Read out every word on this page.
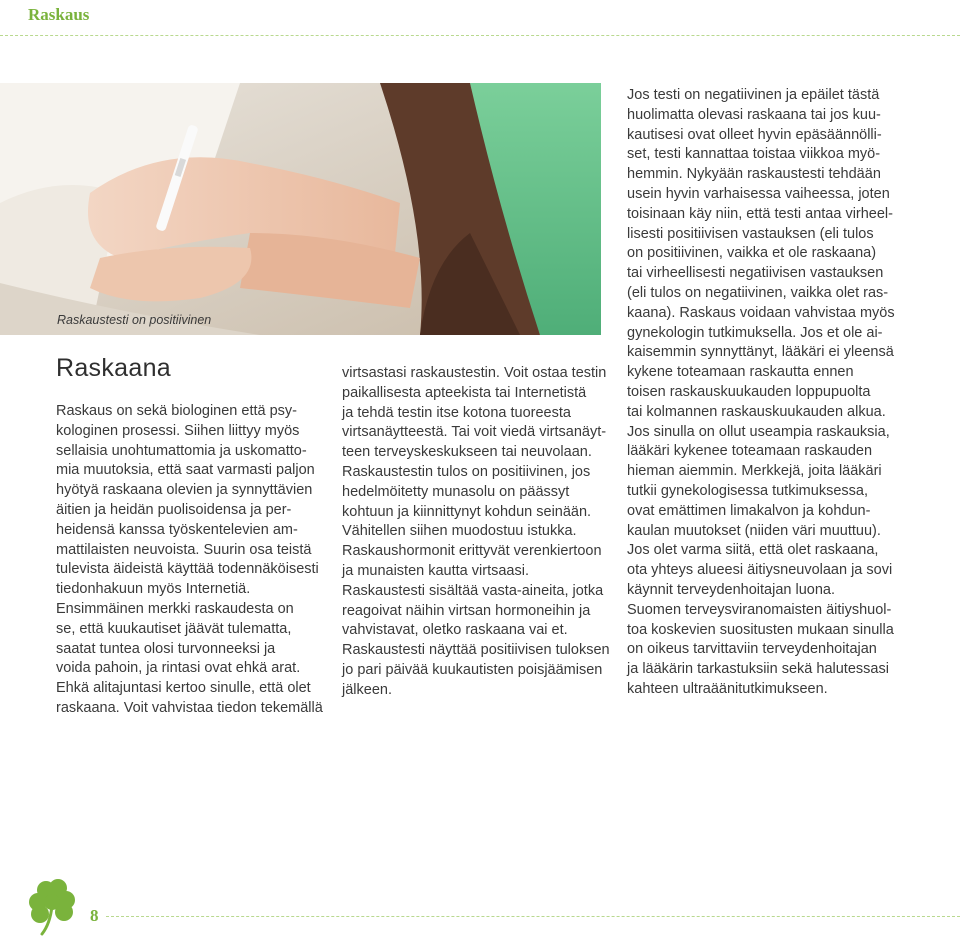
Raskaus
Raskaustesti on positiivinen
Raskaana

Raskaus on sekä biologinen että psy-
kologinen prosessi. Siihen liittyy myös
sellaisia unohtumattomia ja uskomatto-
mia muutoksia, että saat varmasti paljon
hyötyä raskaana olevien ja synnyttävien
äitien ja heidän puolisoidensa ja per-
heidensä kanssa työskentelevien am-
mattilaisten neuvoista. Suurin osa teistä
tulevista äideistä käyttää todennäköisesti
tiedonhakuun myös Internetiä.
Ensimmäinen merkki raskaudesta on
se, että kuukautiset jäävät tulematta,
saatat tuntea olosi turvonneeksi ja
voida pahoin, ja rintasi ovat ehkä arat.
Ehkä alitajuntasi kertoo sinulle, että olet
raskaana. Voit vahvistaa tiedon tekemällä

virtsastasi raskaustestin. Voit ostaa testin
paikallisesta apteekista tai Internetistä
ja tehdä testin itse kotona tuoreesta
virtsanäytteestä. Tai voit viedä virtsanäyt-
teen terveyskeskukseen tai neuvolaan.
Raskaustestin tulos on positiivinen, jos
hedelmöitetty munasolu on päässyt
kohtuun ja kiinnittynyt kohdun seinään.
Vähitellen siihen muodostuu istukka.
Raskaushormonit erittyvät verenkiertoon
ja munaisten kautta virtsaasi.
Raskaustesti sisältää vasta-aineita, jotka
reagoivat näihin virtsan hormoneihin ja
vahvistavat, oletko raskaana vai et.
Raskaustesti näyttää positiivisen tuloksen
jo pari päivää kuukautisten poisjäämisen
jälkeen.

Jos testi on negatiivinen ja epäilet tästä
huolimatta olevasi raskaana tai jos kuu-
kautisesi ovat olleet hyvin epäsäännölli-
set, testi kannattaa toistaa viikkoa myö-
hemmin. Nykyään raskaustesti tehdään
usein hyvin varhaisessa vaiheessa, joten
toisinaan käy niin, että testi antaa virheel-
lisesti positiivisen vastauksen (eli tulos
on positiivinen, vaikka et ole raskaana)
tai virheellisesti negatiivisen vastauksen
(eli tulos on negatiivinen, vaikka olet ras-
kaana). Raskaus voidaan vahvistaa myös
gynekologin tutkimuksella. Jos et ole ai-
kaisemmin synnyttänyt, lääkäri ei yleensä
kykene toteamaan raskautta ennen
toisen raskauskuukauden loppupuolta
tai kolmannen raskauskuukauden alkua.
Jos sinulla on ollut useampia raskauksia,
lääkäri kykenee toteamaan raskauden
hieman aiemmin. Merkkejä, joita lääkäri
tutkii gynekologisessa tutkimuksessa,
ovat emättimen limakalvon ja kohdun-
kaulan muutokset (niiden väri muuttuu).
Jos olet varma siitä, että olet raskaana,
ota yhteys alueesi äitiysneuvolaan ja sovi
käynnit terveydenhoitajan luona.
Suomen terveysviranomaisten äitiyshuol-
toa koskevien suositusten mukaan sinulla
on oikeus tarvittaviin terveydenhoitajan
ja lääkärin tarkastuksiin sekä halutessasi
kahteen ultraäänitutkimukseen.

8
